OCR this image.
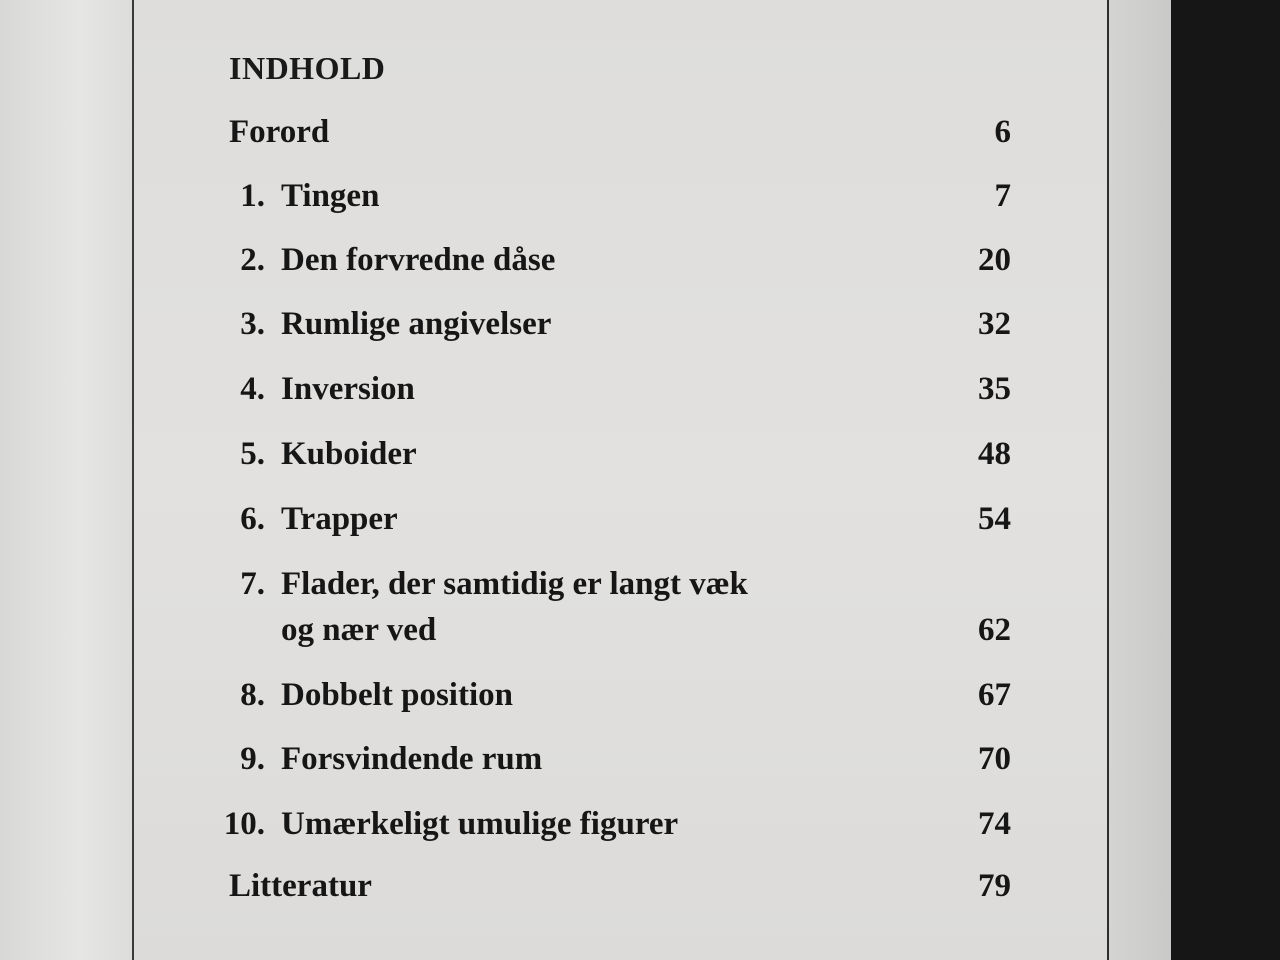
INDHOLD
Forord	6
1. Tingen	7
2. Den forvredne dåse	20
3. Rumlige angivelser	32
4. Inversion	35
5. Kuboider	48
6. Trapper	54
7. Flader, der samtidig er langt væk
og nær ved	62
8. Dobbelt position	67
9. Forsvindende rum	70
10. Umærkeligt umulige figurer	74
Litteratur	79
